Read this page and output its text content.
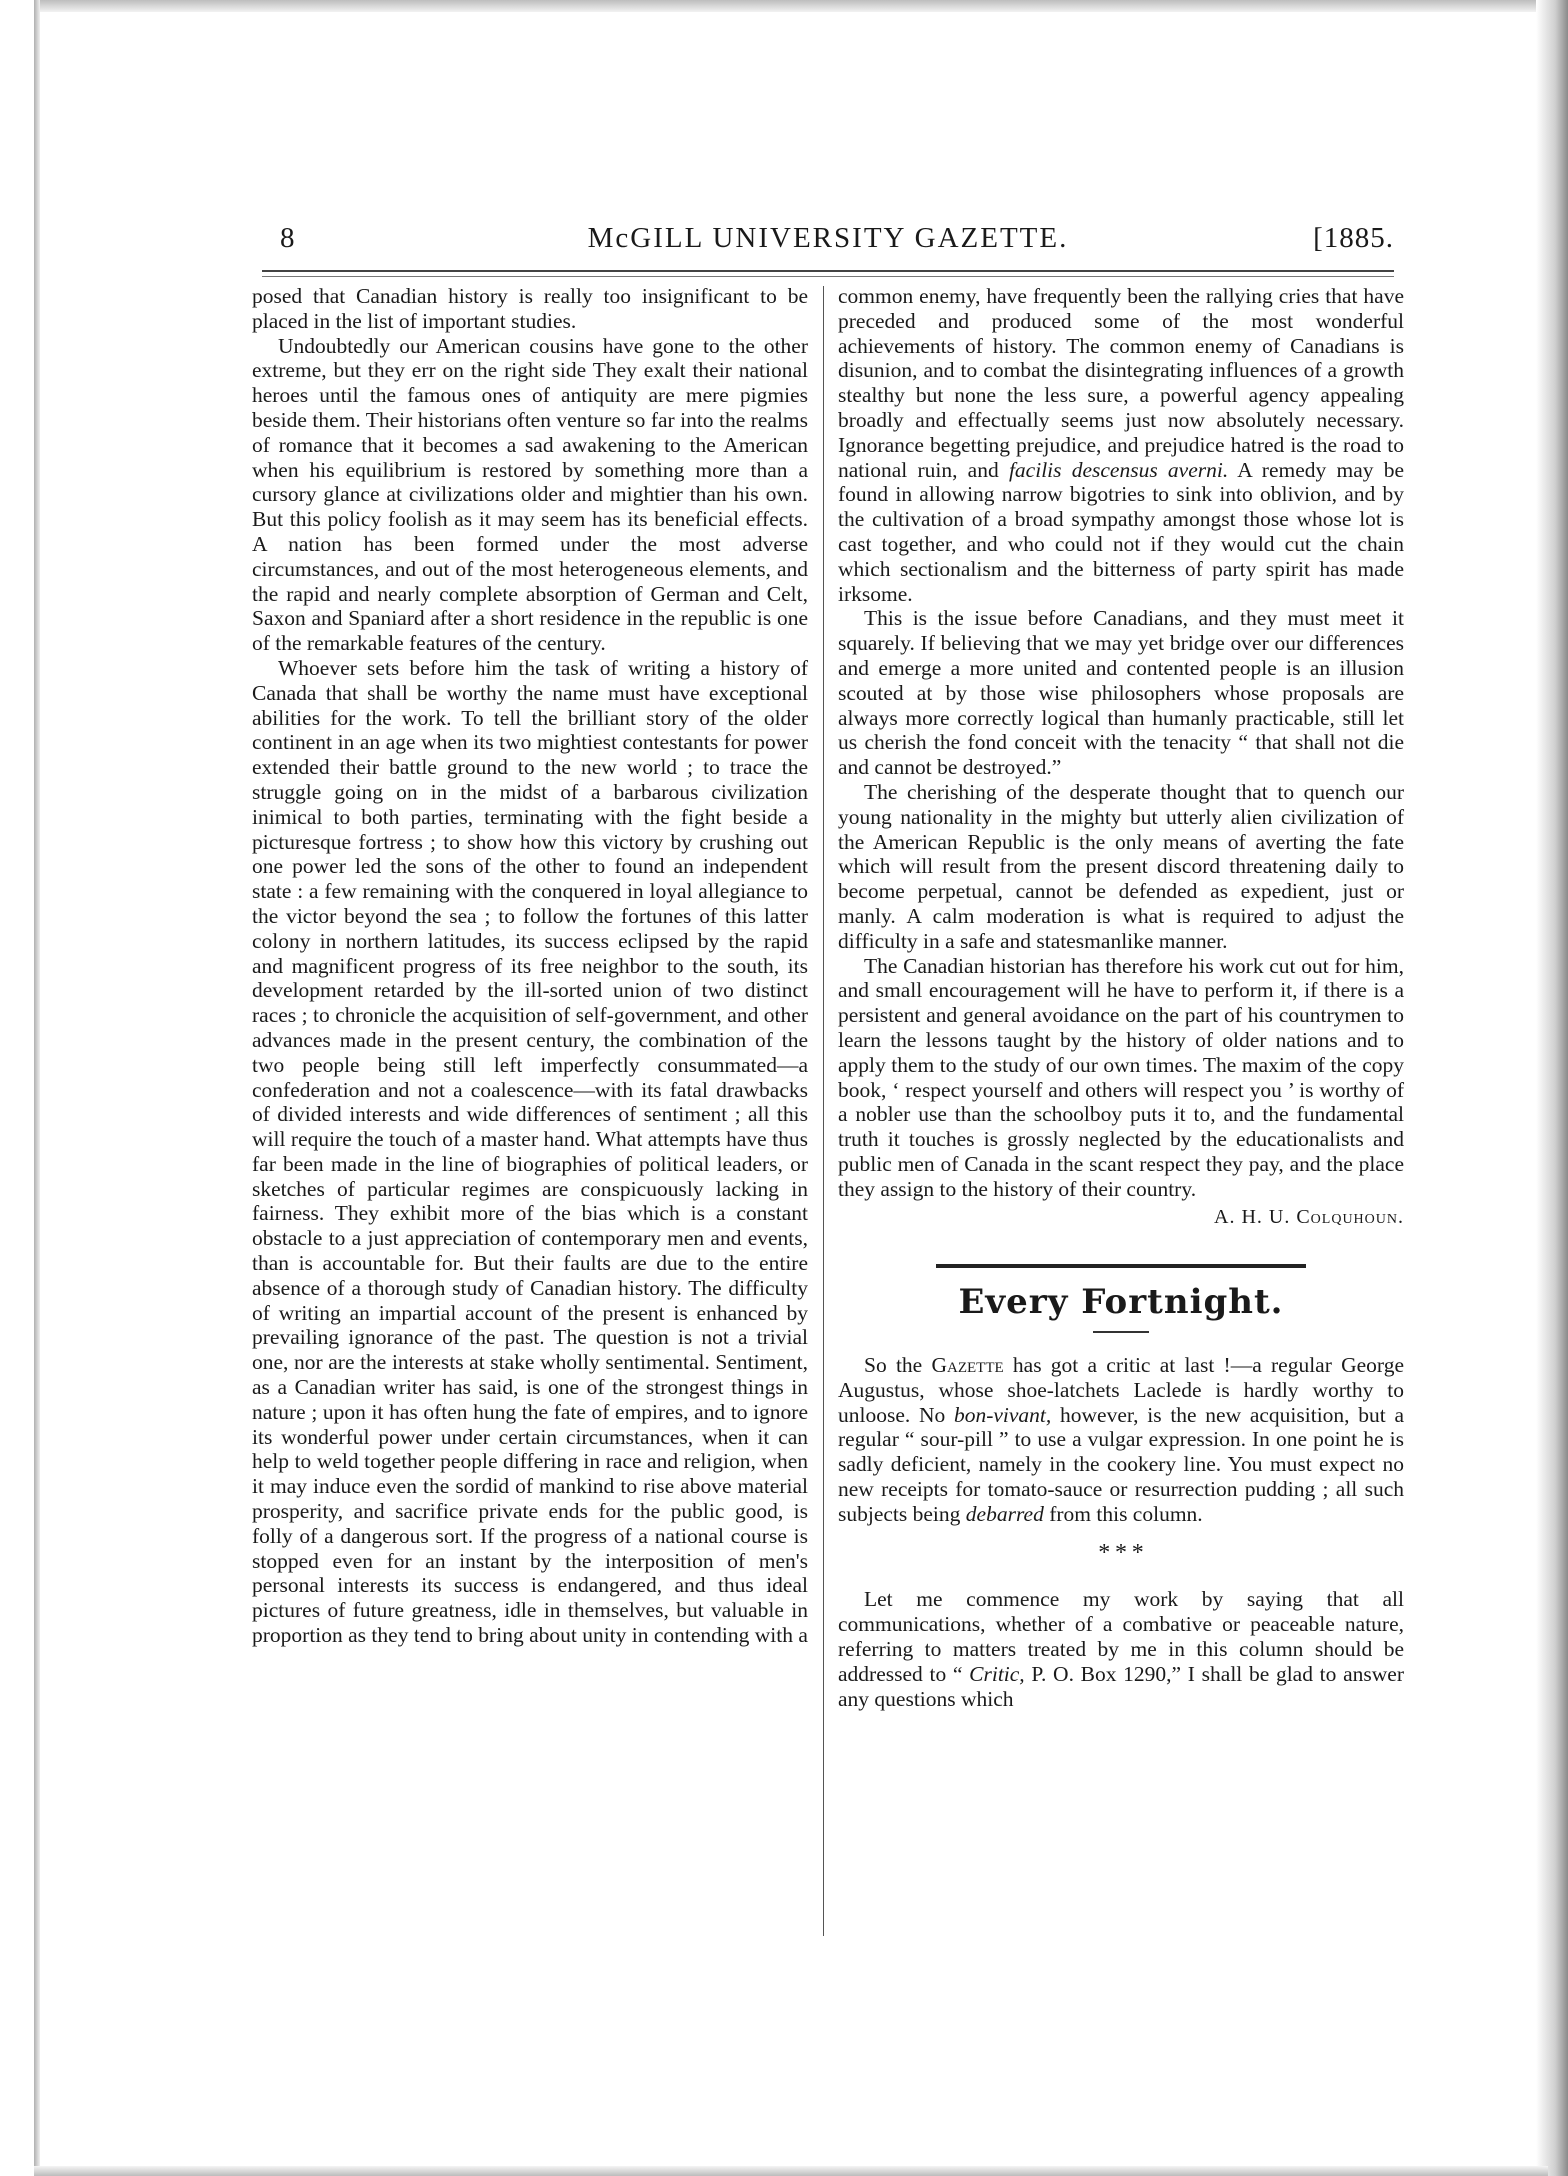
8	McGILL UNIVERSITY GAZETTE.	[1885.

posed that Canadian history is really too insignificant to be placed in the list of important studies.

Undoubtedly our American cousins have gone to the other extreme, but they err on the right side They exalt their national heroes until the famous ones of antiquity are mere pigmies beside them. Their historians often venture so far into the realms of romance that it becomes a sad awakening to the American when his equilibrium is restored by something more than a cursory glance at civilizations older and mightier than his own. But this policy foolish as it may seem has its beneficial effects. A nation has been formed under the most adverse circumstances, and out of the most heterogeneous elements, and the rapid and nearly complete absorption of German and Celt, Saxon and Spaniard after a short residence in the republic is one of the remarkable features of the century.

Whoever sets before him the task of writing a history of Canada that shall be worthy the name must have exceptional abilities for the work. To tell the brilliant story of the older continent in an age when its two mightiest contestants for power extended their battle ground to the new world ; to trace the struggle going on in the midst of a barbarous civilization inimical to both parties, terminating with the fight beside a picturesque fortress ; to show how this victory by crushing out one power led the sons of the other to found an independent state : a few remaining with the conquered in loyal allegiance to the victor beyond the sea ; to follow the fortunes of this latter colony in northern latitudes, its success eclipsed by the rapid and magnificent progress of its free neighbor to the south, its development retarded by the ill-sorted union of two distinct races ; to chronicle the acquisition of self-government, and other advances made in the present century, the combination of the two people being still left imperfectly consummated—a confederation and not a coalescence—with its fatal drawbacks of divided interests and wide differences of sentiment ; all this will require the touch of a master hand. What attempts have thus far been made in the line of biographies of political leaders, or sketches of particular regimes are conspicuously lacking in fairness. They exhibit more of the bias which is a constant obstacle to a just appreciation of contemporary men and events, than is accountable for. But their faults are due to the entire absence of a thorough study of Canadian history. The difficulty of writing an impartial account of the present is enhanced by prevailing ignorance of the past. The question is not a trivial one, nor are the interests at stake wholly sentimental. Sentiment, as a Canadian writer has said, is one of the strongest things in nature ; upon it has often hung the fate of empires, and to ignore its wonderful power under certain circumstances, when it can help to weld together people differing in race and religion, when it may induce even the sordid of mankind to rise above material prosperity, and sacrifice private ends for the public good, is folly of a dangerous sort. If the progress of a national course is stopped even for an instant by the interposition of men's personal interests its success is endangered, and thus ideal pictures of future greatness, idle in themselves, but valuable in proportion as they tend to bring about unity in contending with a

common enemy, have frequently been the rallying cries that have preceded and produced some of the most wonderful achievements of history. The common enemy of Canadians is disunion, and to combat the disintegrating influences of a growth stealthy but none the less sure, a powerful agency appealing broadly and effectually seems just now absolutely necessary. Ignorance begetting prejudice, and prejudice hatred is the road to national ruin, and facilis descensus averni. A remedy may be found in allowing narrow bigotries to sink into oblivion, and by the cultivation of a broad sympathy amongst those whose lot is cast together, and who could not if they would cut the chain which sectionalism and the bitterness of party spirit has made irksome.

This is the issue before Canadians, and they must meet it squarely. If believing that we may yet bridge over our differences and emerge a more united and contented people is an illusion scouted at by those wise philosophers whose proposals are always more correctly logical than humanly practicable, still let us cherish the fond conceit with the tenacity “ that shall not die and cannot be destroyed.”

The cherishing of the desperate thought that to quench our young nationality in the mighty but utterly alien civilization of the American Republic is the only means of averting the fate which will result from the present discord threatening daily to become perpetual, cannot be defended as expedient, just or manly. A calm moderation is what is required to adjust the difficulty in a safe and statesmanlike manner.

The Canadian historian has therefore his work cut out for him, and small encouragement will he have to perform it, if there is a persistent and general avoidance on the part of his countrymen to learn the lessons taught by the history of older nations and to apply them to the study of our own times. The maxim of the copy book, ‘ respect yourself and others will respect you ’ is worthy of a nobler use than the schoolboy puts it to, and the fundamental truth it touches is grossly neglected by the educationalists and public men of Canada in the scant respect they pay, and the place they assign to the history of their country.

A. H. U. Colquhoun.
Every Fortnight.

So the Gazette has got a critic at last !—a regular George Augustus, whose shoe-latchets Laclede is hardly worthy to unloose. No bon-vivant, however, is the new acquisition, but a regular “ sour-pill ” to use a vulgar expression. In one point he is sadly deficient, namely in the cookery line. You must expect no new receipts for tomato-sauce or resurrection pudding ; all such subjects being debarred from this column.

* * *

Let me commence my work by saying that all communications, whether of a combative or peaceable nature, referring to matters treated by me in this column should be addressed to “ Critic, P. O. Box 1290,” I shall be glad to answer any questions which
